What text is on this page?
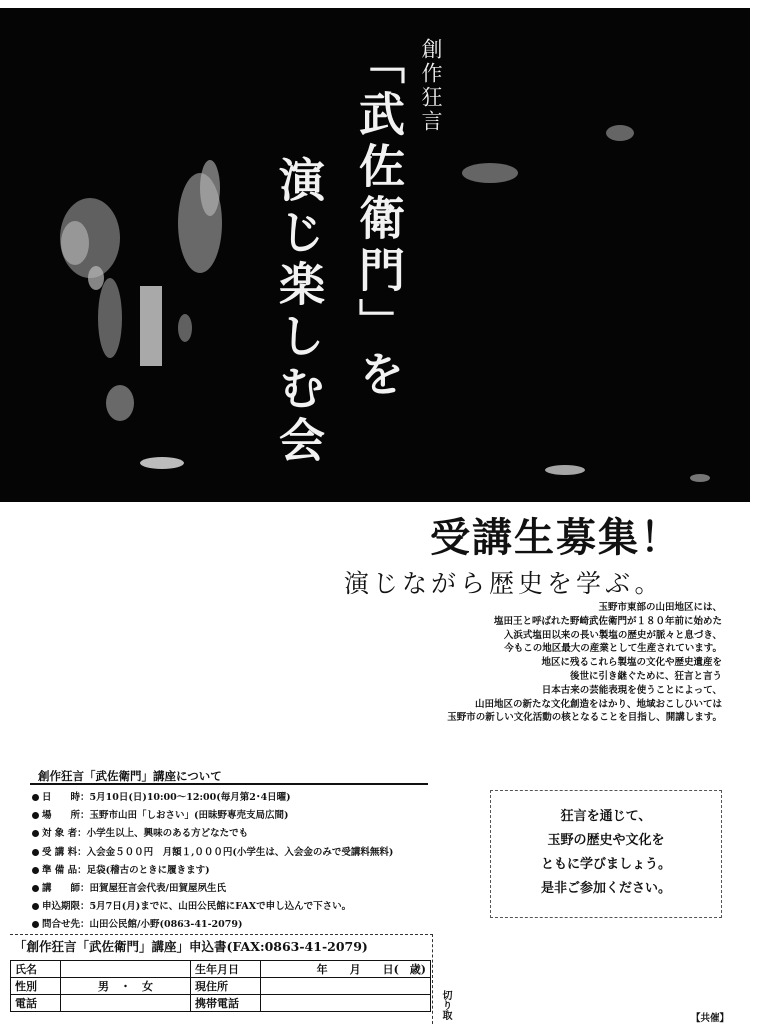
創作狂言
「武佐衛門」を
演じ楽しむ会
受講生募集！
演じながら歴史を学ぶ。
玉野市東部の山田地区には、
塩田王と呼ばれた野崎武佐衛門が１８０年前に始めた
入浜式塩田以来の長い製塩の歴史が脈々と息づき、
今もこの地区最大の産業として生産されています。
地区に残るこれら製塩の文化や歴史遺産を
後世に引き継ぐために、狂言と言う
日本古来の芸能表現を使うことによって、
山田地区の新たな文化創造をはかり、地域おこしひいては
玉野市の新しい文化活動の核となることを目指し、開講します。
創作狂言「武佐衛門」講座について
日　　時：5月10日(日)10:00～12:00(毎月第2･4日曜)
場　　所：玉野市山田「しおさい」(田昧野専売支局広間)
対 象 者：小学生以上、興味のある方どなたでも
受 講 料：入会金５００円　月額１,０００円(小学生は、入会金のみで受講料無料)
準 備 品：足袋(稽古のときに履きます)
講　　師：田賀屋狂言会代表/田賀屋夙生氏
申込期限：5月7日(月)までに、山田公民館にFAXで申し込んで下さい。
問合せ先：山田公民館/小野(0863-41-2079)
狂言を通じて、
玉野の歴史や文化を
ともに学びましょう。
是非ご参加ください。
「創作狂言「武佐衛門」講座」申込書(FAX:0863-41-2079)
氏名		生年月日	年　　月　　日(　歳)
性別	男　・　女	現住所	
電話		携帯電話		切り取	【共催】
